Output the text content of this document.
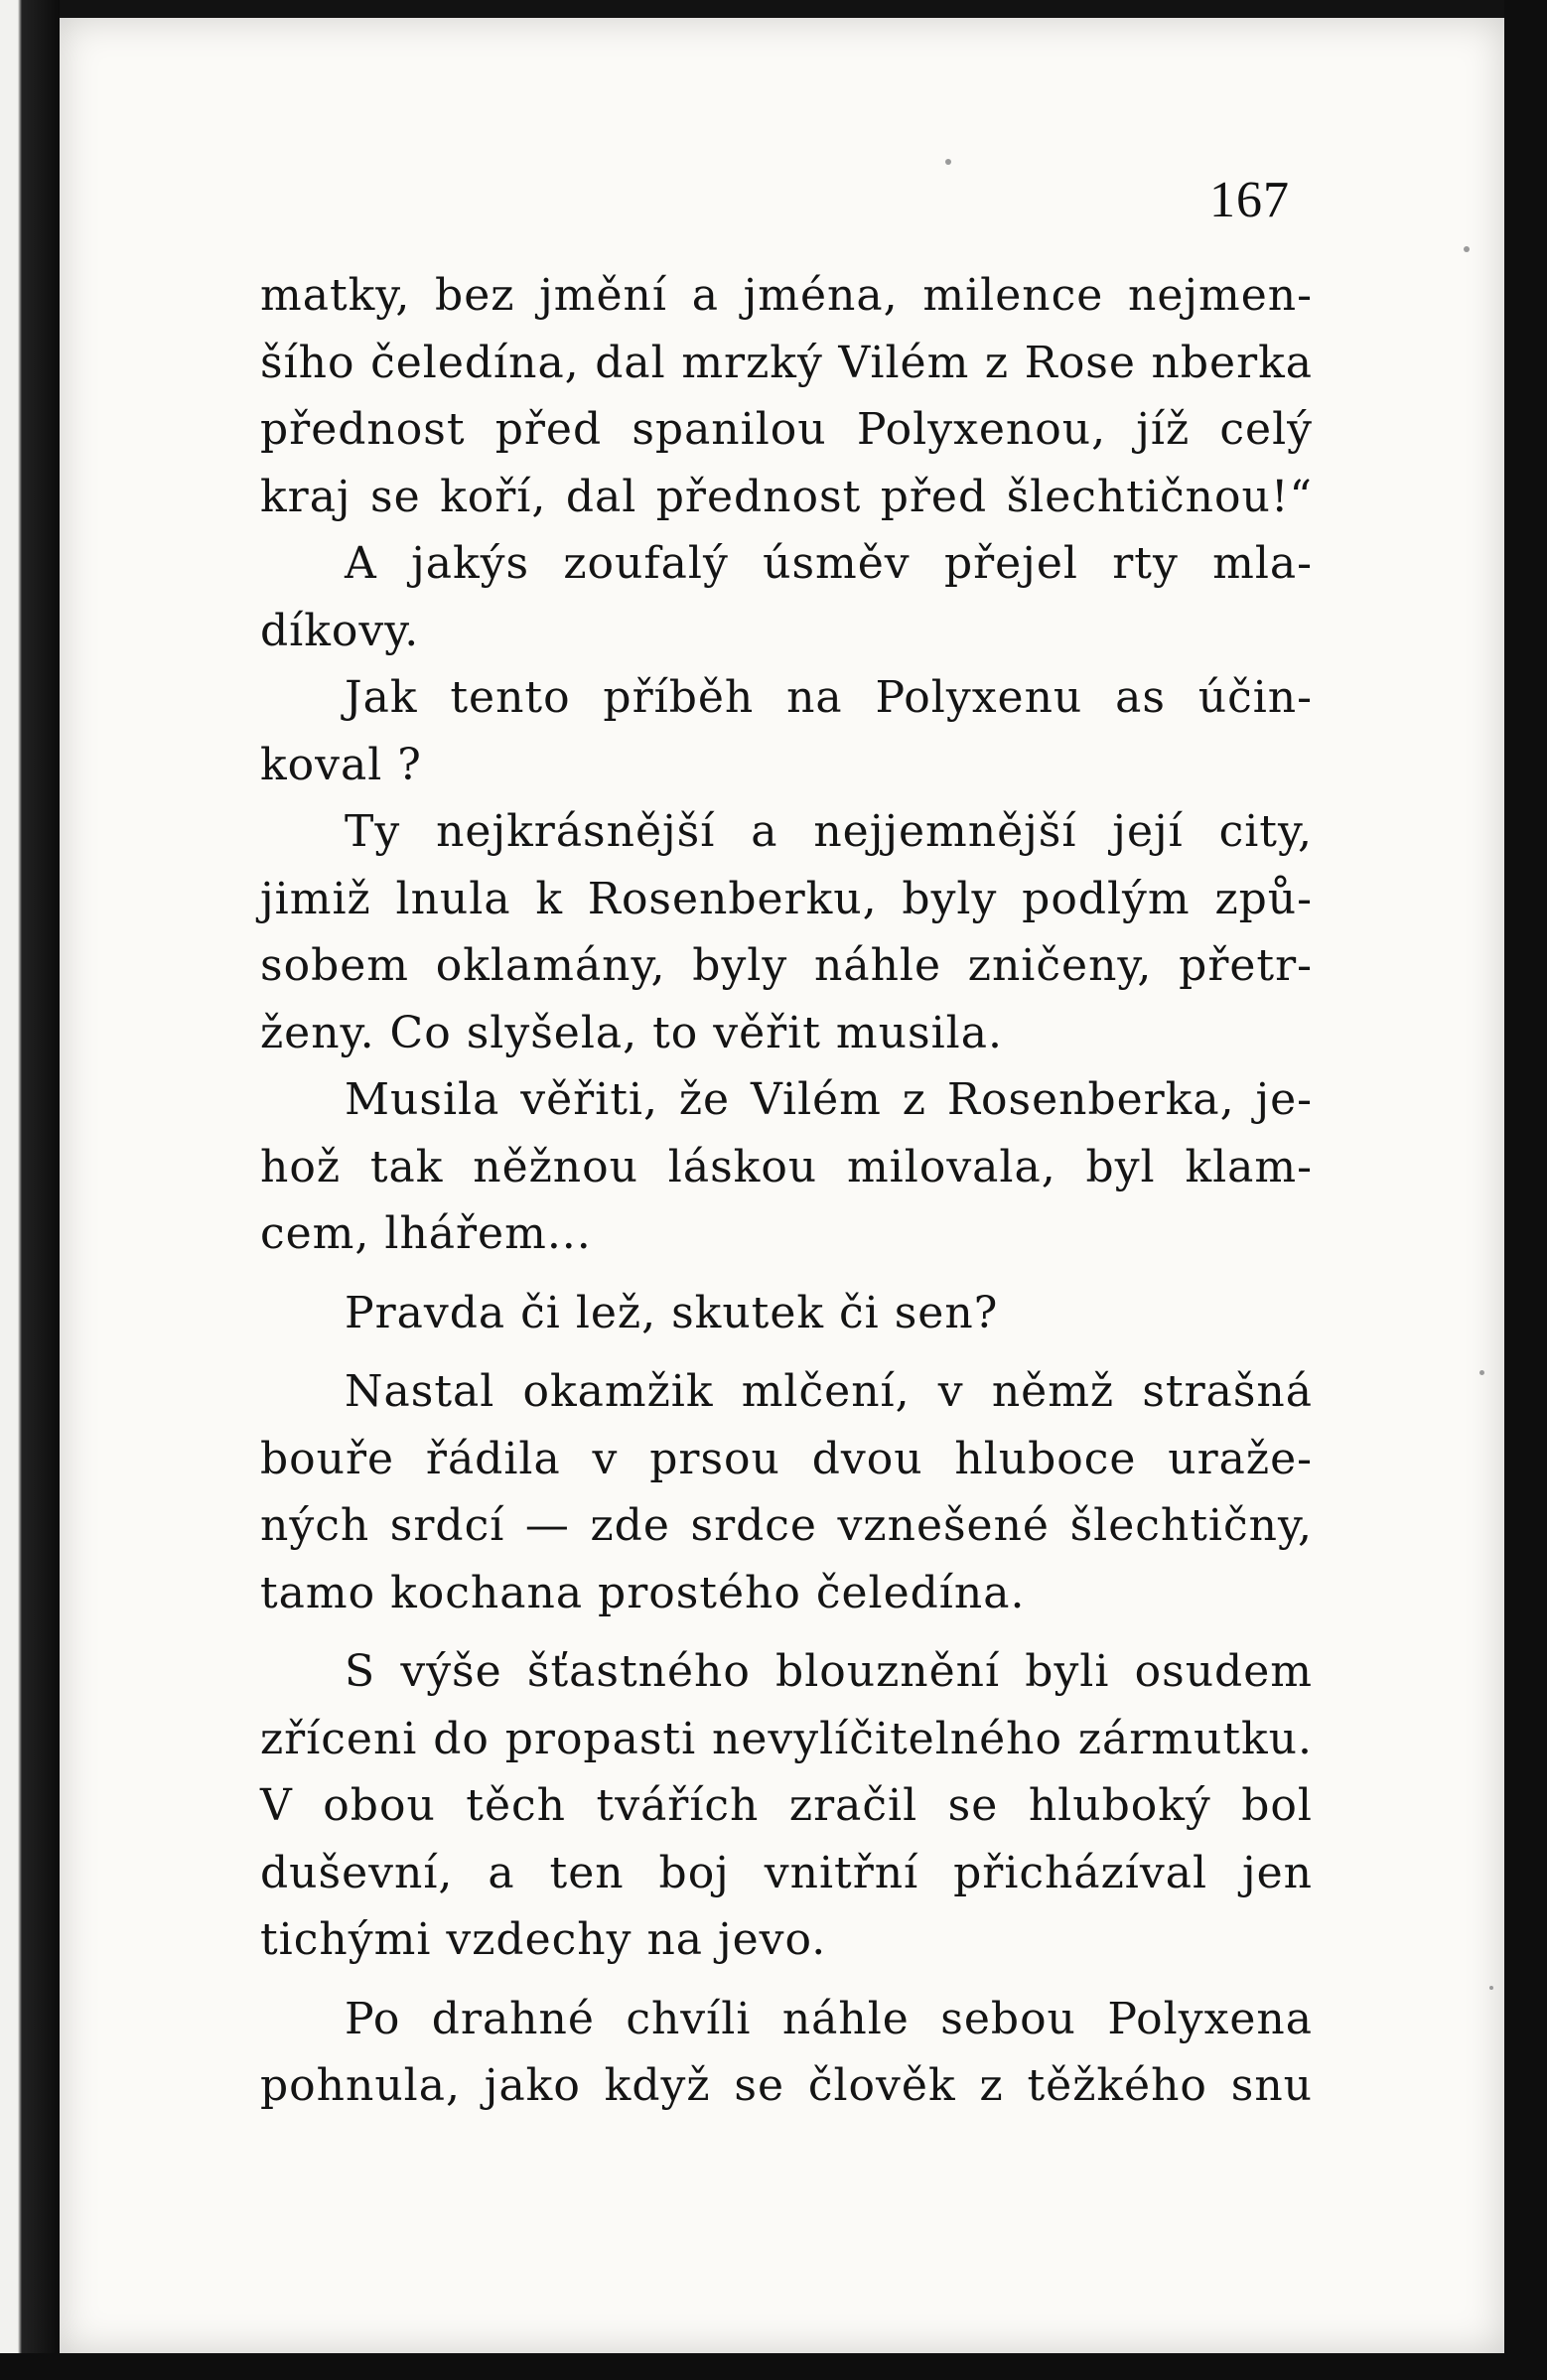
167
matky, bez jmění a jména, milence nejmen-
šího čeledína, dal mrzký Vilém z Rose nberka
přednost před spanilou Polyxenou, jíž celý
kraj se koří, dal přednost před šlechtičnou!“
A jakýs zoufalý úsměv přejel rty mla-
díkovy.
Jak tento příběh na Polyxenu as účin-
koval ?
Ty nejkrásnější a nejjemnější její city,
jimiž lnula k Rosenberku, byly podlým způ-
sobem oklamány, byly náhle zničeny, přetr-
ženy. Co slyšela, to věřit musila.
Musila věřiti, že Vilém z Rosenberka, je-
hož tak něžnou láskou milovala, byl klam-
cem, lhářem...
Pravda či lež, skutek či sen?
Nastal okamžik mlčení, v němž strašná
bouře řádila v prsou dvou hluboce uraže-
ných srdcí — zde srdce vznešené šlechtičny,
tamo kochana prostého čeledína.
S výše šťastného blouznění byli osudem
zříceni do propasti nevylíčitelného zármutku.
V obou těch tvářích zračil se hluboký bol
duševní, a ten boj vnitřní přicházíval jen
tichými vzdechy na jevo.
Po drahné chvíli náhle sebou Polyxena
pohnula, jako když se člověk z těžkého snu
